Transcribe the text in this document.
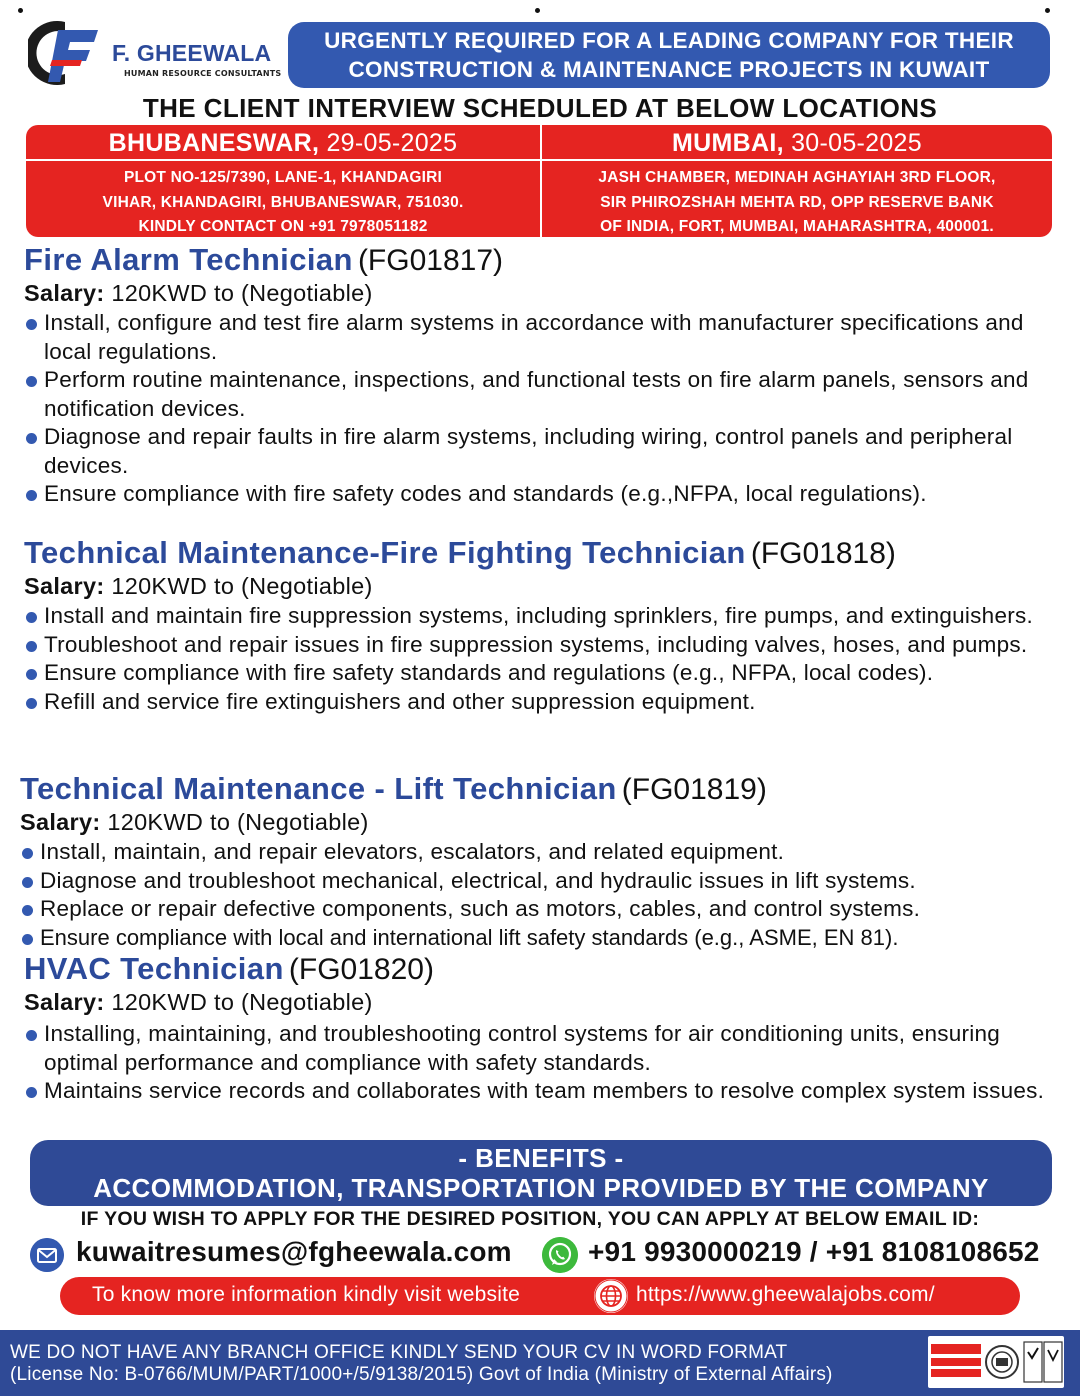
F. GHEEWALA
HUMAN RESOURCE CONSULTANTS
URGENTLY REQUIRED FOR A LEADING COMPANY FOR THEIR
CONSTRUCTION & MAINTENANCE PROJECTS IN KUWAIT
THE CLIENT INTERVIEW SCHEDULED AT BELOW LOCATIONS
BHUBANESWAR, 29-05-2025
PLOT NO-125/7390, LANE-1, KHANDAGIRI
VIHAR, KHANDAGIRI, BHUBANESWAR, 751030.
KINDLY CONTACT ON +91 7978051182
MUMBAI, 30-05-2025
JASH CHAMBER, MEDINAH AGHAYIAH 3RD FLOOR,
SIR PHIROZSHAH MEHTA RD, OPP RESERVE BANK
OF INDIA, FORT, MUMBAI, MAHARASHTRA, 400001.
Fire Alarm Technician (FG01817)
Salary: 120KWD to (Negotiable)
Install, configure and test fire alarm systems in accordance with manufacturer specifications and local regulations.
Perform routine maintenance, inspections, and functional tests on fire alarm panels, sensors and notification devices.
Diagnose and repair faults in fire alarm systems, including wiring, control panels and peripheral devices.
Ensure compliance with fire safety codes and standards (e.g.,NFPA, local regulations).
Technical Maintenance-Fire Fighting Technician (FG01818)
Salary: 120KWD to (Negotiable)
Install and maintain fire suppression systems, including sprinklers, fire pumps, and extinguishers.
Troubleshoot and repair issues in fire suppression systems, including valves, hoses, and pumps.
Ensure compliance with fire safety standards and regulations (e.g., NFPA, local codes).
Refill and service fire extinguishers and other suppression equipment.
Technical Maintenance - Lift Technician (FG01819)
Salary: 120KWD to (Negotiable)
Install, maintain, and repair elevators, escalators, and related equipment.
Diagnose and troubleshoot mechanical, electrical, and hydraulic issues in lift systems.
Replace or repair defective components, such as motors, cables, and control systems.
Ensure compliance with local and international lift safety standards (e.g., ASME, EN 81).
HVAC Technician (FG01820)
Salary: 120KWD to (Negotiable)
Installing, maintaining, and troubleshooting control systems for air conditioning units, ensuring optimal performance and compliance with safety standards.
Maintains service records and collaborates with team members to resolve complex system issues.
- BENEFITS -
ACCOMMODATION, TRANSPORTATION PROVIDED BY THE COMPANY
IF YOU WISH TO APPLY FOR THE DESIRED POSITION, YOU CAN APPLY AT BELOW EMAIL ID:
kuwaitresumes@fgheewala.com	+91 9930000219 / +91 8108108652
To know more information kindly visit website	https://www.gheewalajobs.com/
WE DO NOT HAVE ANY BRANCH OFFICE KINDLY SEND YOUR CV IN WORD FORMAT
(License No: B-0766/MUM/PART/1000+/5/9138/2015) Govt of India (Ministry of External Affairs)
